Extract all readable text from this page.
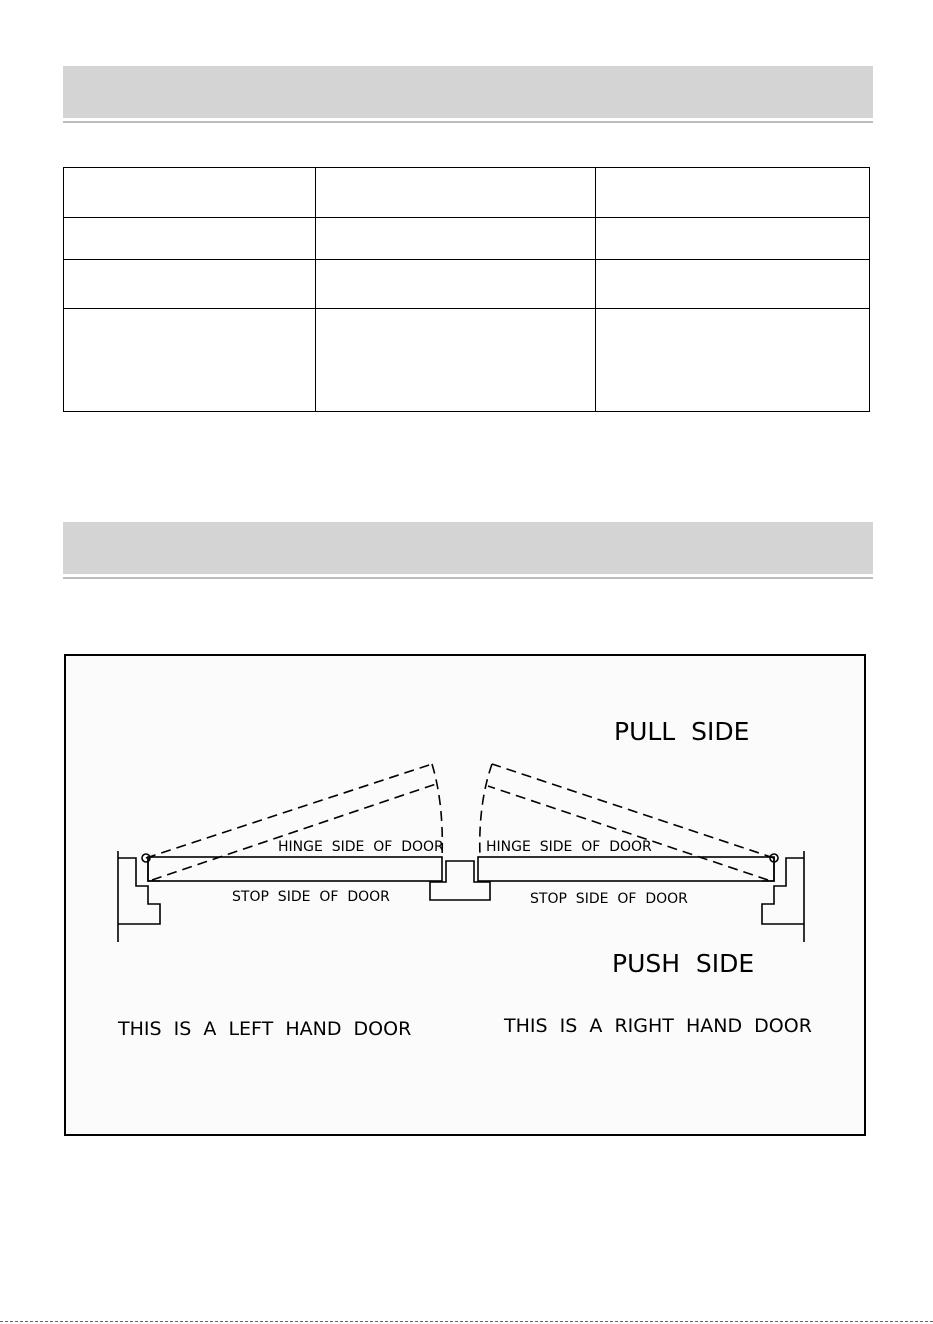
PULL  SIDE
PUSH  SIDE
HINGE  SIDE  OF  DOOR
STOP  SIDE  OF  DOOR
HINGE  SIDE  OF  DOOR
STOP  SIDE  OF  DOOR
THIS  IS  A  LEFT  HAND  DOOR	THIS  IS  A  RIGHT  HAND  DOOR
